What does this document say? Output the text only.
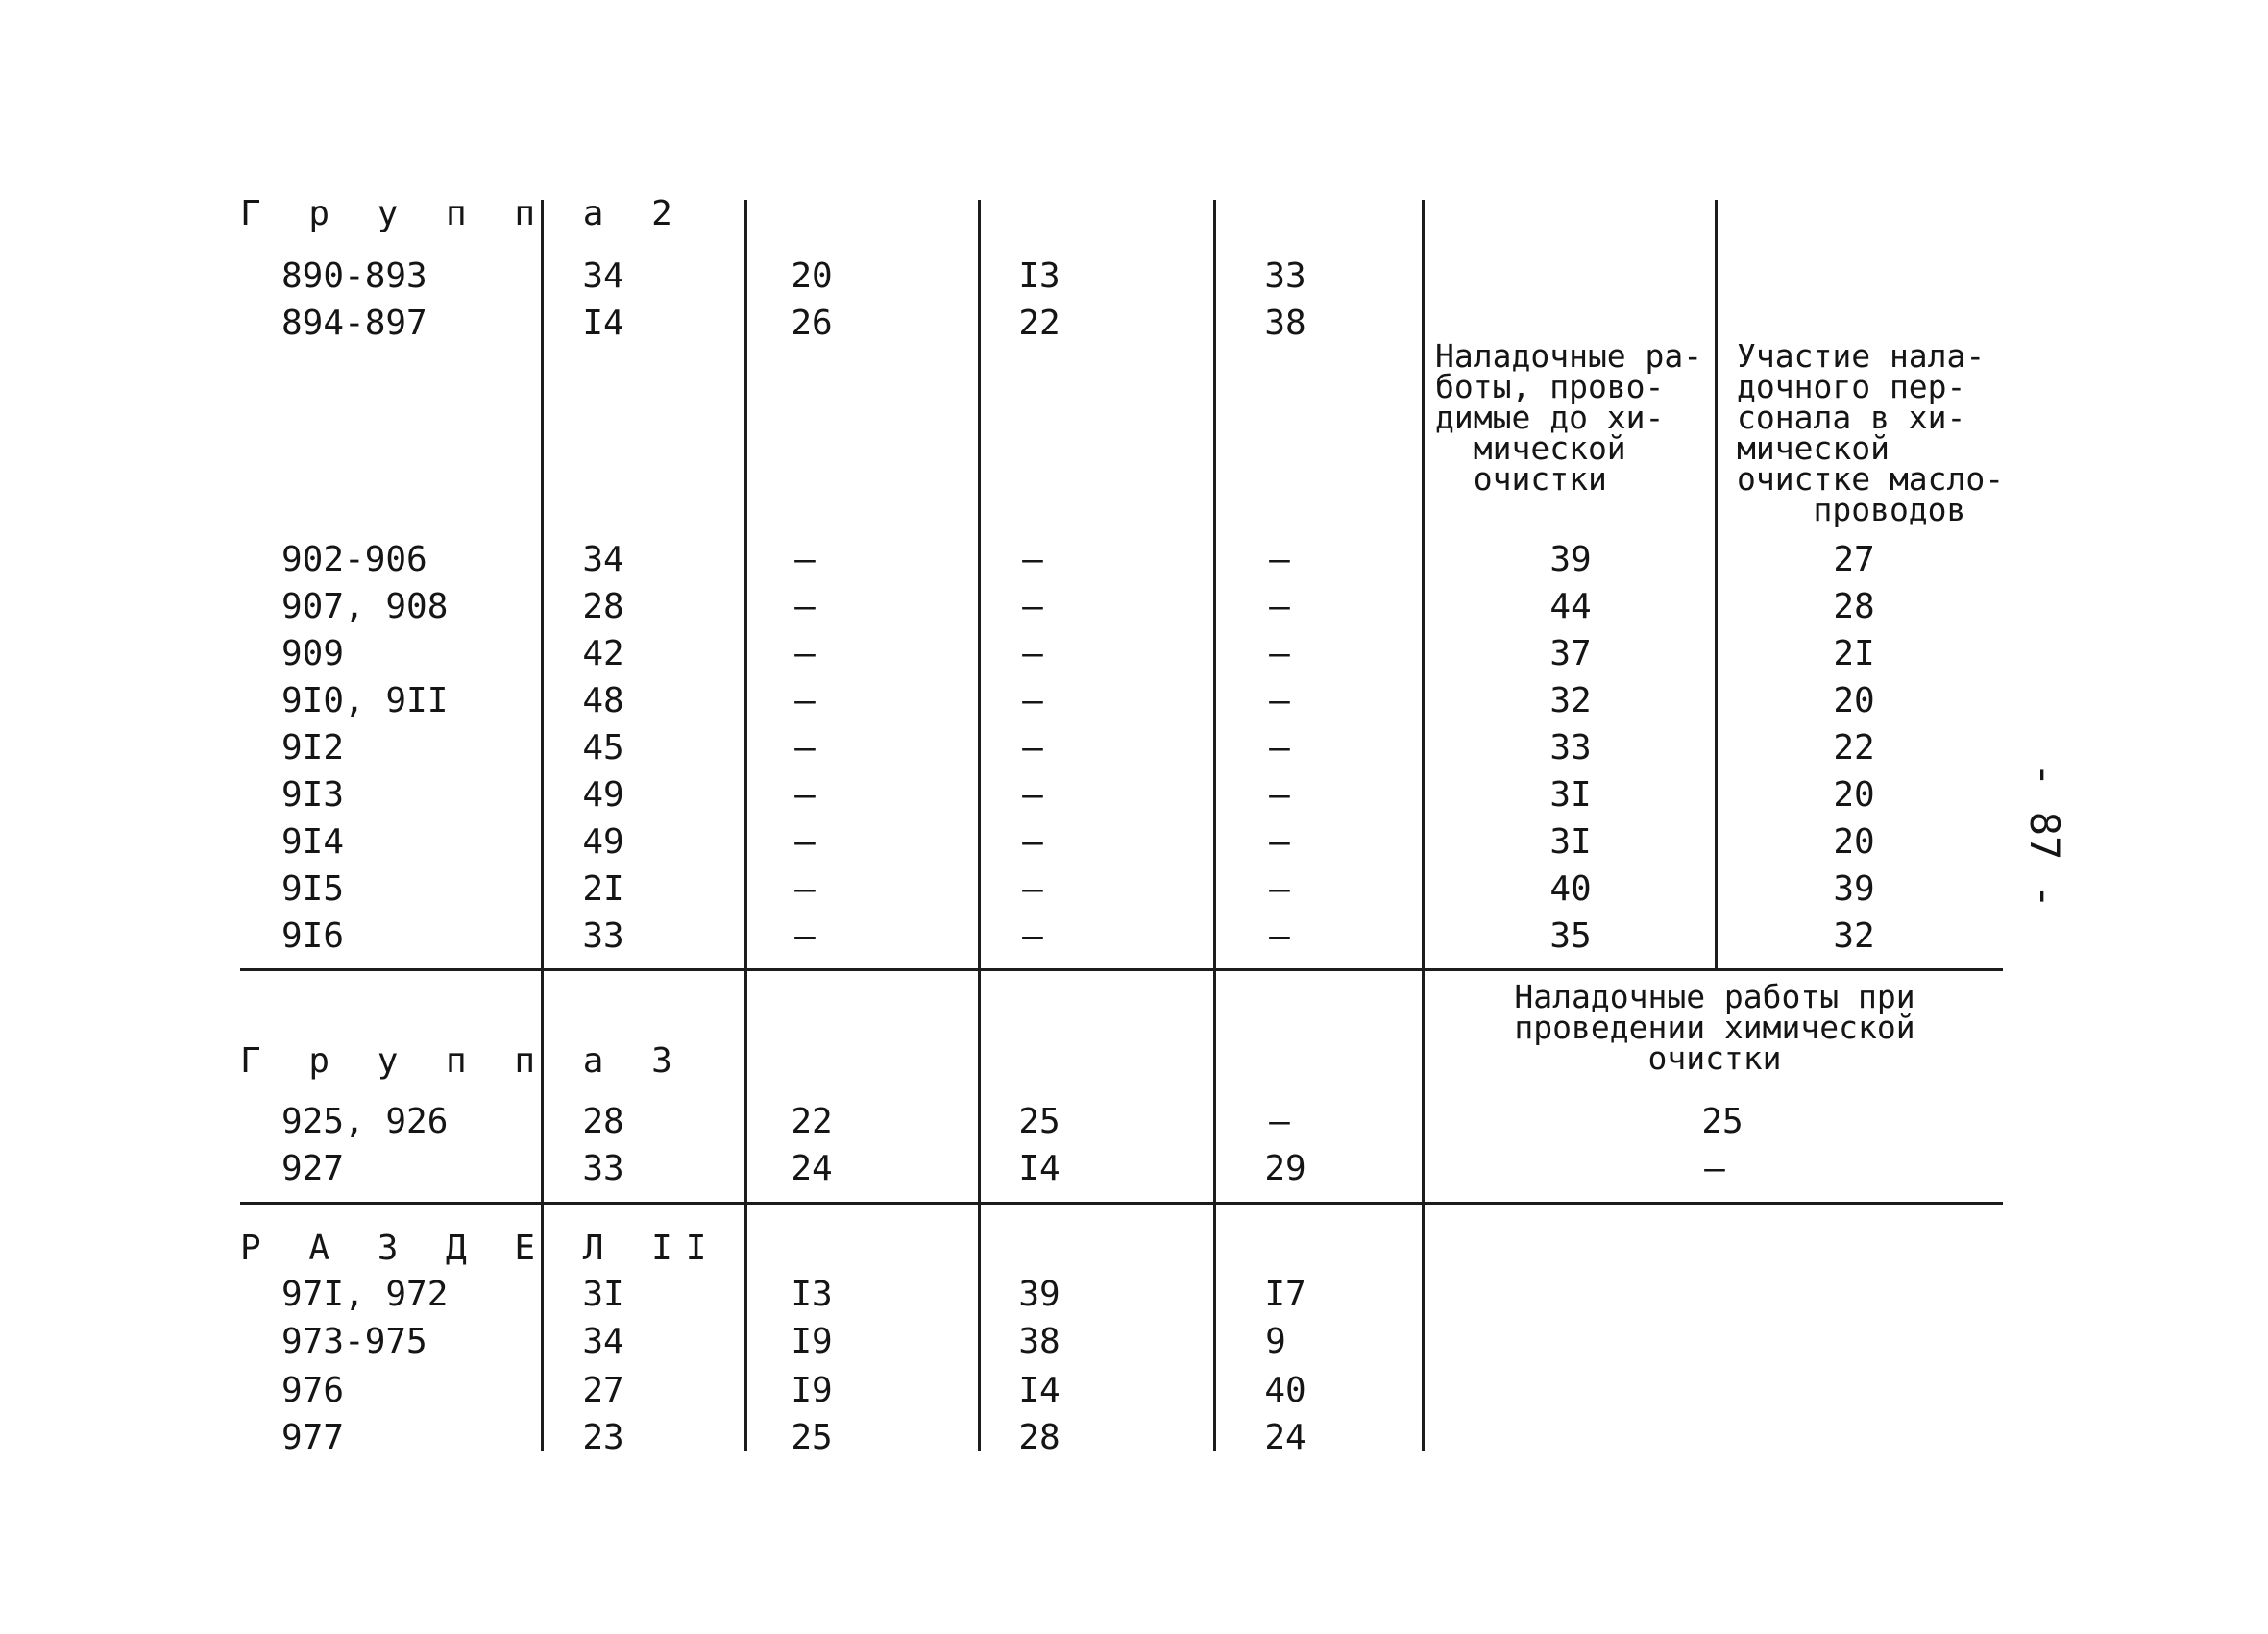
Наладочные ра-
боты, прово-
димые до хи-
мической
очистки
Участие нала-
дочного пер-
сонала в хи-
мической
очистке масло-
проводов
Наладочные работы при
проведении химической
очистки
Г р у п п а 2
890-893	34	20	I3	33
894-897	I4	26	22	38
902-906	34	–	–	–	39	27
907, 908	28	–	–	–	44	28
909	42	–	–	–	37	2I
9I0, 9II	48	–	–	–	32	20
9I2	45	–	–	–	33	22
9I3	49	–	–	–	3I	20
9I4	49	–	–	–	3I	20
9I5	2I	–	–	–	40	39
9I6	33	–	–	–	35	32
Г р у п п а 3
925, 926	28	22	25	–	25
927	33	24	I4	29	–
Р А З Д Е Л II
97I, 972	3I	I3	39	I7
973-975	34	I9	38	9
976	27	I9	I4	40
977	23	25	28	24
- 87 -
